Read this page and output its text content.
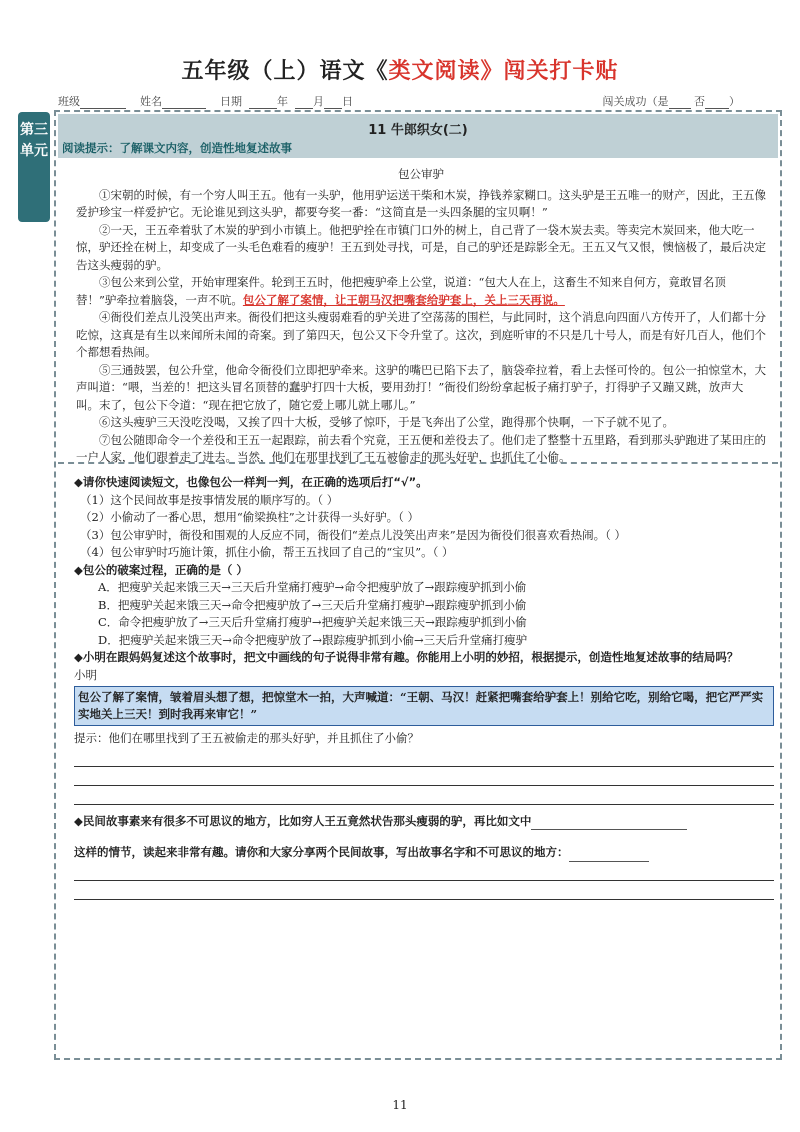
五年级（上）语文《类文阅读》闯关打卡贴
班级	姓名	日期	年 月 日	闯关成功（是 否 ）
第三单元
11 牛郎织女(二)
阅读提示：了解课文内容，创造性地复述故事
包公审驴

①宋朝的时候，有一个穷人叫王五。他有一头驴，他用驴运送干柴和木炭，挣钱养家糊口。这头驴是王五唯一的财产，因此，王五像爱护珍宝一样爱护它。无论谁见到这头驴，都要夸奖一番：“这简直是一头四条腿的宝贝啊！”

②一天，王五牵着驮了木炭的驴到小市镇上。他把驴拴在市镇门口外的树上，自己背了一袋木炭去卖。等卖完木炭回来，他大吃一惊，驴还拴在树上，却变成了一头毛色难看的瘦驴！王五到处寻找，可是，自己的驴还是踪影全无。王五又气又恨，懊恼极了，最后决定告这头瘦弱的驴。

③包公来到公堂，开始审理案件。轮到王五时，他把瘦驴牵上公堂，说道：“包大人在上，这畜生不知来自何方，竟敢冒名顶替！”驴牵拉着脑袋，一声不吭。包公了解了案情，让王朝马汉把嘴套给驴套上，关上三天再说。

④衙役们差点儿没笑出声来。衙役们把这头瘦弱难看的驴关进了空荡荡的围栏，与此同时，这个消息向四面八方传开了，人们都十分吃惊，这真是有生以来闻所未闻的奇案。到了第四天，包公又下令升堂了。这次，到庭听审的不只是几十号人，而是有好几百人，他们个个都想看热闹。

⑤三通鼓罢，包公升堂，他命令衙役们立即把驴牵来。这驴的嘴巴已陷下去了，脑袋牵拉着，看上去怪可怜的。包公一拍惊堂木，大声叫道：“喂，当差的！把这头冒名顶替的蠢驴打四十大板，要用劲打！”衙役们纷纷拿起板子痛打驴子，打得驴子又蹦又跳，放声大叫。末了，包公下令道：“现在把它放了，随它爱上哪儿就上哪儿。”

⑥这头瘦驴三天没吃没喝，又挨了四十大板，受够了惊吓，于是飞奔出了公堂，跑得那个快啊，一下子就不见了。

⑦包公随即命令一个差役和王五一起跟踪，前去看个究竟，王五便和差役去了。他们走了整整十五里路，看到那头驴跑进了某田庄的一户人家，他们跟着走了进去。当然，他们在那里找到了王五被偷走的那头好驴，也抓住了小偷。

◆请你快速阅读短文，也像包公一样判一判，在正确的选项后打“√”。
（1）这个民间故事是按事情发展的顺序写的。（ ）
（2）小偷动了一番心思，想用“偷梁换柱”之计获得一头好驴。（ ）
（3）包公审驴时，衙役和围观的人反应不同，衙役们“差点儿没笑出声来”是因为衙役们很喜欢看热闹。（ ）
（4）包公审驴时巧施计策，抓住小偷，帮王五找回了自己的“宝贝”。（ ）
◆包公的破案过程，正确的是（ ）
A．把瘦驴关起来饿三天→三天后升堂痛打瘦驴→命令把瘦驴放了→跟踪瘦驴抓到小偷
B．把瘦驴关起来饿三天→命令把瘦驴放了→三天后升堂痛打瘦驴→跟踪瘦驴抓到小偷
C．命令把瘦驴放了→三天后升堂痛打瘦驴→把瘦驴关起来饿三天→跟踪瘦驴抓到小偷
D．把瘦驴关起来饿三天→命令把瘦驴放了→跟踪瘦驴抓到小偷→三天后升堂痛打瘦驴
◆小明在跟妈妈复述这个故事时，把文中画线的句子说得非常有趣。你能用上小明的妙招，根据提示，创造性地复述故事的结局吗？
小明
包公了解了案情，皱着眉头想了想，把惊堂木一拍，大声喊道：“王朝、马汉！赶紧把嘴套给驴套上！别给它吃，别给它喝，把它严严实实地关上三天！到时我再来审它！”
提示：他们在哪里找到了王五被偷走的那头好驴，并且抓住了小偷？
◆民间故事素来有很多不可思议的地方，比如穷人王五竟然状告那头瘦弱的驴，再比如文中
这样的情节，读起来非常有趣。请你和大家分享两个民间故事，写出故事名字和不可思议的地方：
11
